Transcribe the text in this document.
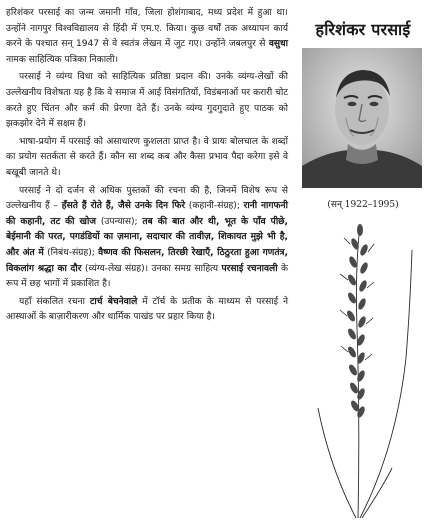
हरिशंकर परसाई का जन्म जमानी गाँव, जिला होशंगाबाद, मध्य प्रदेश में हुआ था। उन्होंने नागपुर विश्वविद्यालय से हिंदी में एम.ए. किया। कुछ वर्षों तक अध्यापन कार्य करने के पश्चात सन् 1947 से वे स्वतंत्र लेखन में जुट गए। उन्होंने जबलपुर से वसुधा नामक साहित्यिक पत्रिका निकाली।

परसाई ने व्यंग्य विधा को साहित्यिक प्रतिष्ठा प्रदान की। उनके व्यंग्य-लेखों की उल्लेखनीय विशेषता यह है कि वे समाज में आई विसंगतियों, विडंबनाओं पर करारी चोट करते हुए चिंतन और कर्म की प्रेरणा देते हैं। उनके व्यंग्य गुदगुदाते हुए पाठक को झकझोर देने में सक्षम हैं।

भाषा-प्रयोग में परसाई को असाधारण कुशलता प्राप्त है। वे प्रायः बोलचाल के शब्दों का प्रयोग सतर्कता से करते हैं। कौन सा शब्द कब और कैसा प्रभाव पैदा करेगा इसे वे बखूबी जानते थे।

परसाई ने दो दर्जन से अधिक पुस्तकों की रचना की है, जिनमें विशेष रूप से उल्लेखनीय हैं – हँसते हैं रोते हैं, जैसे उनके दिन फिरे (कहानी-संग्रह); रानी नागफनी की कहानी, तट की खोज (उपन्यास); तब की बात और थी, भूत के पाँव पीछे, बेईमानी की परत, पगडंडियों का ज़माना, सदाचार की तावीज़, शिकायत मुझे भी है, और अंत में (निबंध-संग्रह); वैष्णव की फिसलन, तिरछी रेखाएँ, ठिठुरता हुआ गणतंत्र, विकलांग श्रद्धा का दौर (व्यंग्य-लेख संग्रह)। उनका समग्र साहित्य परसाई रचनावली के रूप में छह भागों में प्रकाशित है।

यहाँ संकलित रचना टार्च बेचनेवाले में टॉर्च के प्रतीक के माध्यम से परसाई ने आस्थाओं के बाज़ारीकरण और धार्मिक पाखंड पर प्रहार किया है।

हरिशंकर परसाई
(सन् 1922–1995)
